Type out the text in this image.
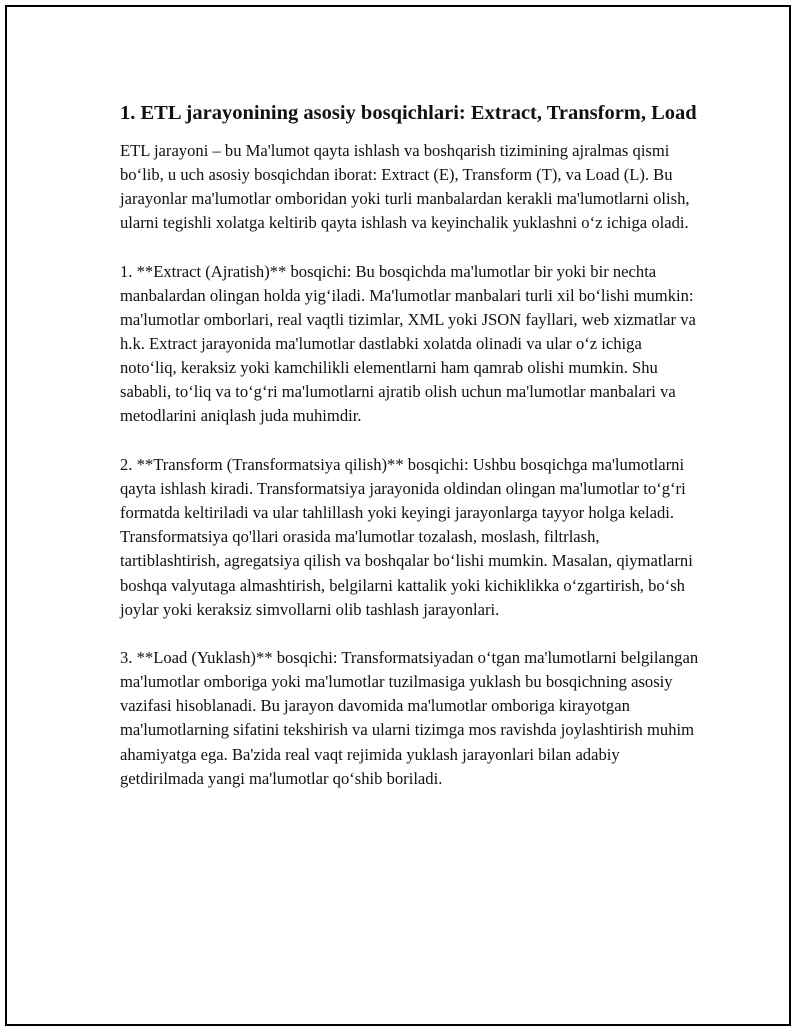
1. ETL jarayonining asosiy bosqichlari: Extract, Transform, Load

ETL jarayoni – bu Ma'lumot qayta ishlash va boshqarish tizimining ajralmas qismi bo‘lib, u uch asosiy bosqichdan iborat: Extract (E), Transform (T), va Load (L). Bu jarayonlar ma'lumotlar omboridan yoki turli manbalardan kerakli ma'lumotlarni olish, ularni tegishli xolatga keltirib qayta ishlash va keyinchalik yuklashni o‘z ichiga oladi.

1. **Extract (Ajratish)** bosqichi: Bu bosqichda ma'lumotlar bir yoki bir nechta manbalardan olingan holda yig‘iladi. Ma'lumotlar manbalari turli xil bo‘lishi mumkin: ma'lumotlar omborlari, real vaqtli tizimlar, XML yoki JSON fayllari, web xizmatlar va h.k. Extract jarayonida ma'lumotlar dastlabki xolatda olinadi va ular o‘z ichiga noto‘liq, keraksiz yoki kamchilikli elementlarni ham qamrab olishi mumkin. Shu sababli, to‘liq va to‘g‘ri ma'lumotlarni ajratib olish uchun ma'lumotlar manbalari va metodlarini aniqlash juda muhimdir.

2. **Transform (Transformatsiya qilish)** bosqichi: Ushbu bosqichga ma'lumotlarni qayta ishlash kiradi. Transformatsiya jarayonida oldindan olingan ma'lumotlar to‘g‘ri formatda keltiriladi va ular tahlillash yoki keyingi jarayonlarga tayyor holga keladi. Transformatsiya qo'llari orasida ma'lumotlar tozalash, moslash, filtrlash, tartiblashtirish, agregatsiya qilish va boshqalar bo‘lishi mumkin. Masalan, qiymatlarni boshqa valyutaga almashtirish, belgilarni kattalik yoki kichiklikka o‘zgartirish, bo‘sh joylar yoki keraksiz simvollarni olib tashlash jarayonlari.

3. **Load (Yuklash)** bosqichi: Transformatsiyadan o‘tgan ma'lumotlarni belgilangan ma'lumotlar omboriga yoki ma'lumotlar tuzilmasiga yuklash bu bosqichning asosiy vazifasi hisoblanadi. Bu jarayon davomida ma'lumotlar omboriga kirayotgan ma'lumotlarning sifatini tekshirish va ularni tizimga mos ravishda joylashtirish muhim ahamiyatga ega. Ba'zida real vaqt rejimida yuklash jarayonlari bilan adabiy getdirilmada yangi ma'lumotlar qo‘shib boriladi.
